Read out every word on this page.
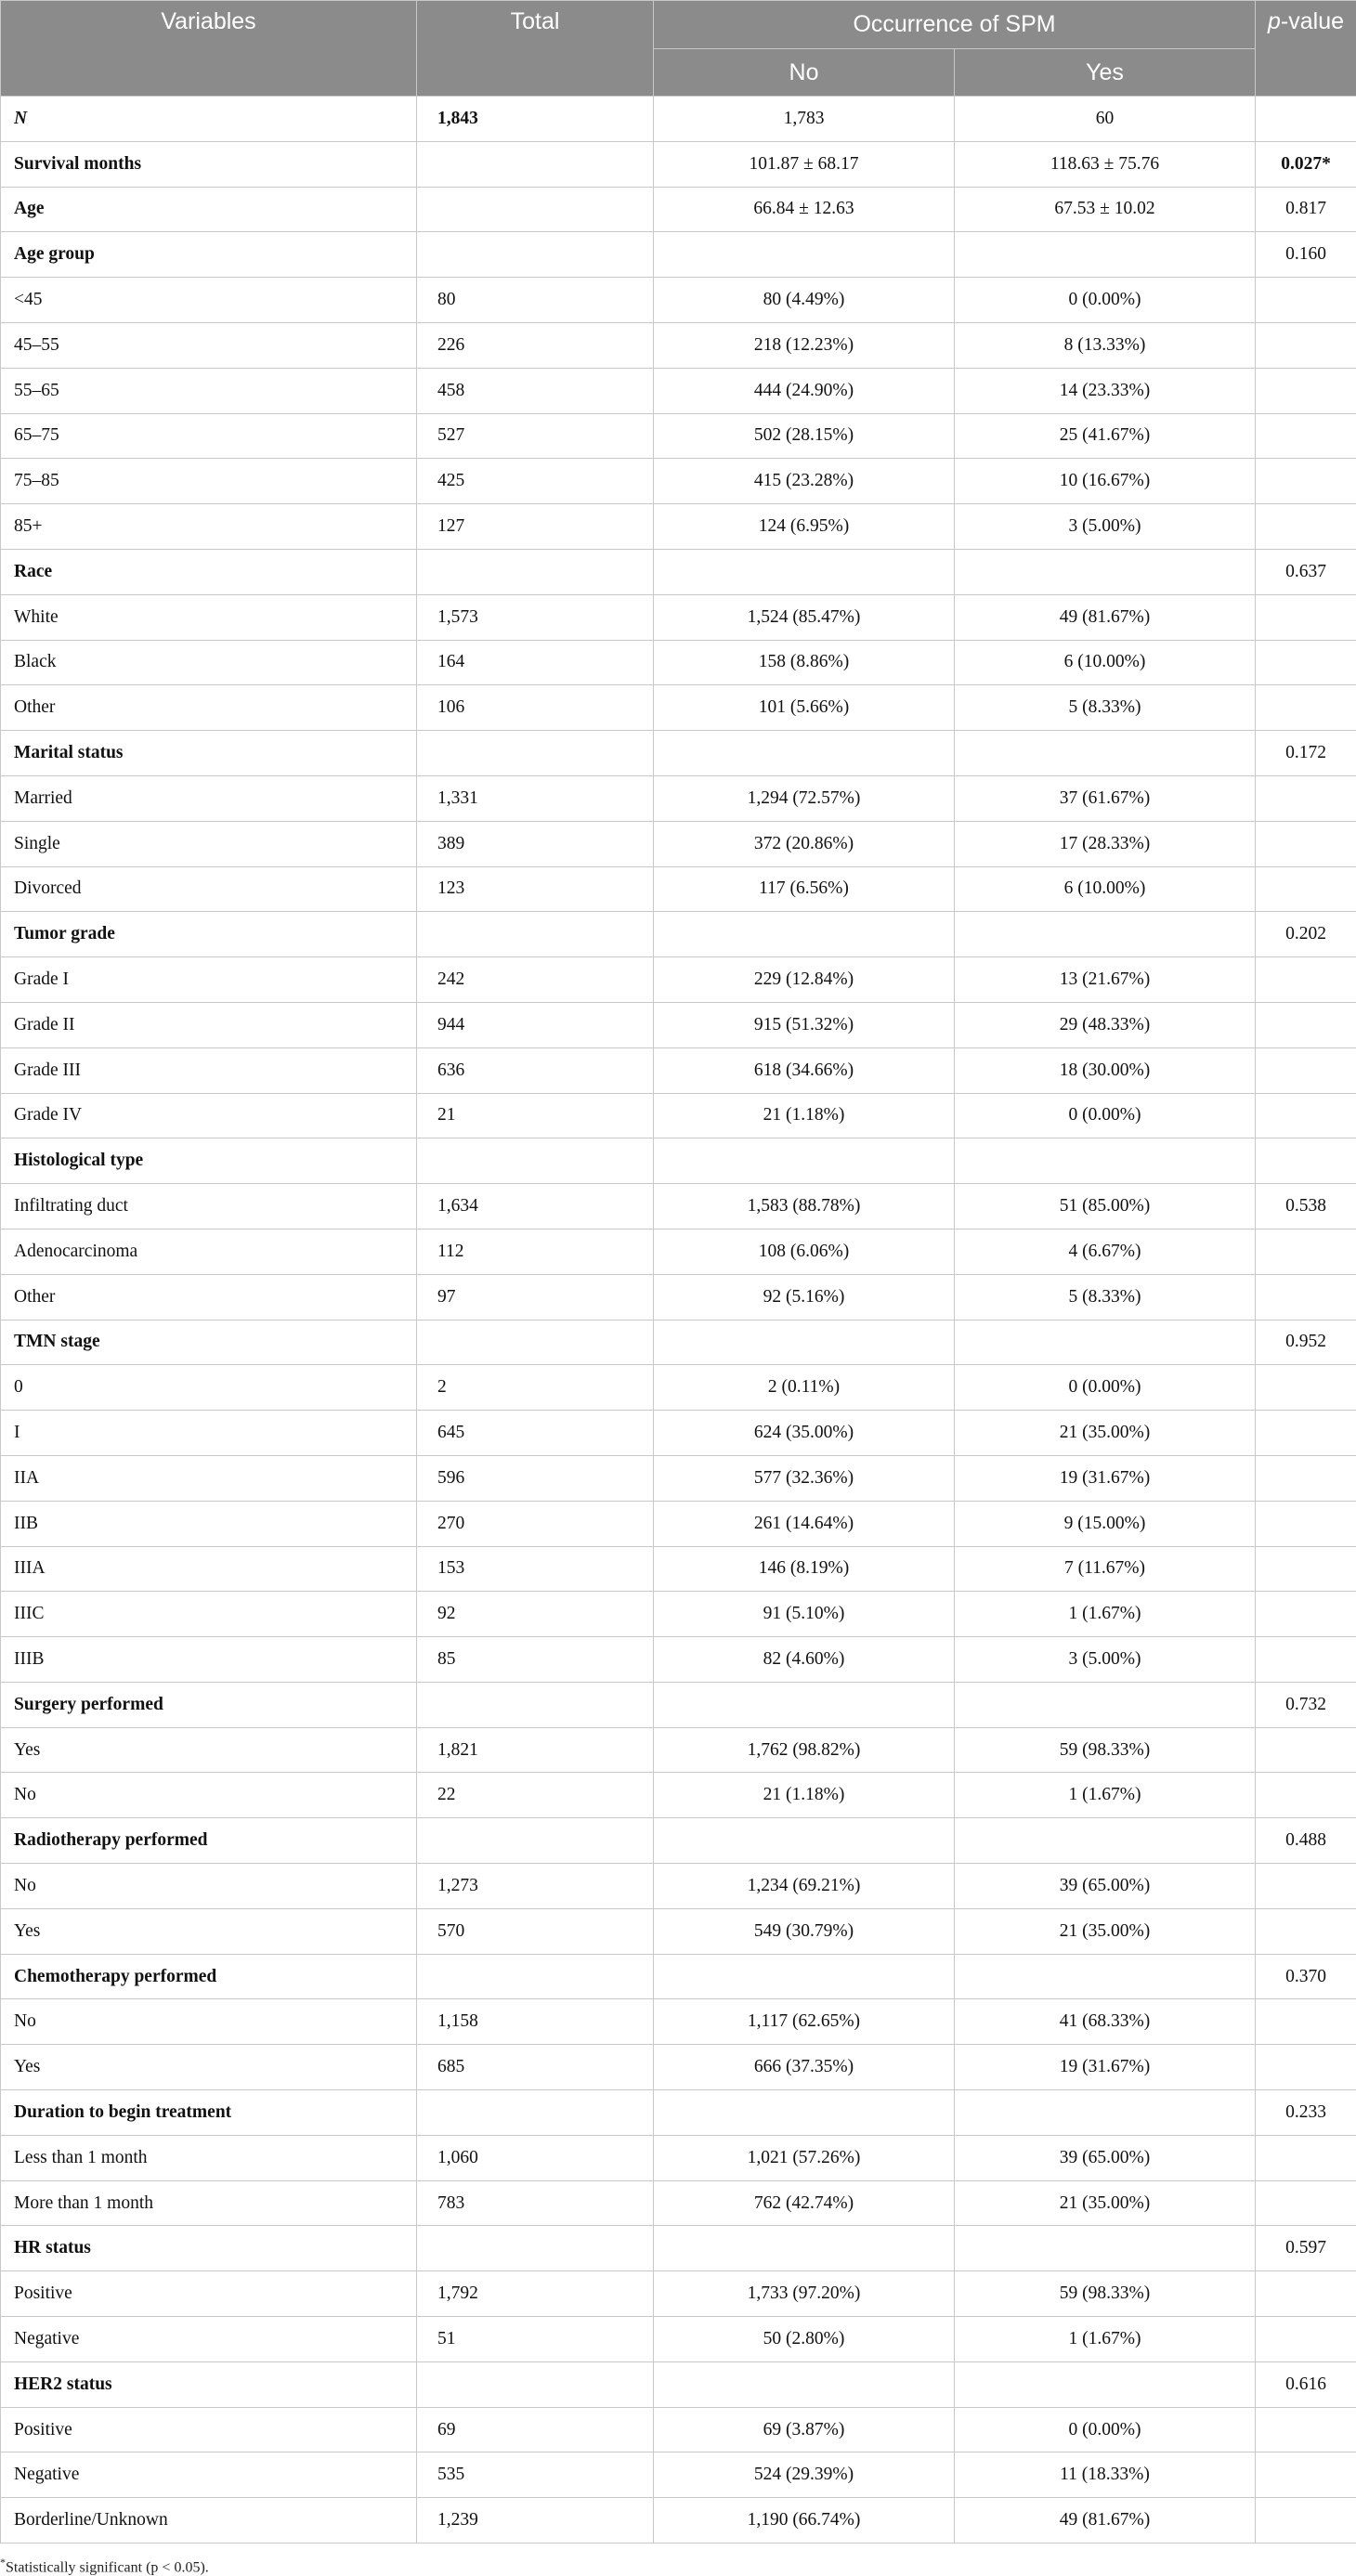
Variables	Total	Occurrence of SPM		p-value
		No	Yes	
N	1,843	1,783	60	
Survival months		101.87 ± 68.17	118.63 ± 75.76	0.027*
Age		66.84 ± 12.63	67.53 ± 10.02	0.817
Age group				0.160
<45	80	80 (4.49%)	0 (0.00%)	
45–55	226	218 (12.23%)	8 (13.33%)	
55–65	458	444 (24.90%)	14 (23.33%)	
65–75	527	502 (28.15%)	25 (41.67%)	
75–85	425	415 (23.28%)	10 (16.67%)	
85+	127	124 (6.95%)	3 (5.00%)	
Race				0.637
White	1,573	1,524 (85.47%)	49 (81.67%)	
Black	164	158 (8.86%)	6 (10.00%)	
Other	106	101 (5.66%)	5 (8.33%)	
Marital status				0.172
Married	1,331	1,294 (72.57%)	37 (61.67%)	
Single	389	372 (20.86%)	17 (28.33%)	
Divorced	123	117 (6.56%)	6 (10.00%)	
Tumor grade				0.202
Grade I	242	229 (12.84%)	13 (21.67%)	
Grade II	944	915 (51.32%)	29 (48.33%)	
Grade III	636	618 (34.66%)	18 (30.00%)	
Grade IV	21	21 (1.18%)	0 (0.00%)	
Histological type				
Infiltrating duct	1,634	1,583 (88.78%)	51 (85.00%)	0.538
Adenocarcinoma	112	108 (6.06%)	4 (6.67%)	
Other	97	92 (5.16%)	5 (8.33%)	
TMN stage				0.952
0	2	2 (0.11%)	0 (0.00%)	
I	645	624 (35.00%)	21 (35.00%)	
IIA	596	577 (32.36%)	19 (31.67%)	
IIB	270	261 (14.64%)	9 (15.00%)	
IIIA	153	146 (8.19%)	7 (11.67%)	
IIIC	92	91 (5.10%)	1 (1.67%)	
IIIB	85	82 (4.60%)	3 (5.00%)	
Surgery performed				0.732
Yes	1,821	1,762 (98.82%)	59 (98.33%)	
No	22	21 (1.18%)	1 (1.67%)	
Radiotherapy performed				0.488
No	1,273	1,234 (69.21%)	39 (65.00%)	
Yes	570	549 (30.79%)	21 (35.00%)	
Chemotherapy performed				0.370
No	1,158	1,117 (62.65%)	41 (68.33%)	
Yes	685	666 (37.35%)	19 (31.67%)	
Duration to begin treatment				0.233
Less than 1 month	1,060	1,021 (57.26%)	39 (65.00%)	
More than 1 month	783	762 (42.74%)	21 (35.00%)	
HR status				0.597
Positive	1,792	1,733 (97.20%)	59 (98.33%)	
Negative	51	50 (2.80%)	1 (1.67%)	
HER2 status				0.616
Positive	69	69 (3.87%)	0 (0.00%)	
Negative	535	524 (29.39%)	11 (18.33%)	
Borderline/Unknown	1,239	1,190 (66.74%)	49 (81.67%)	
*Statistically significant (p < 0.05).
